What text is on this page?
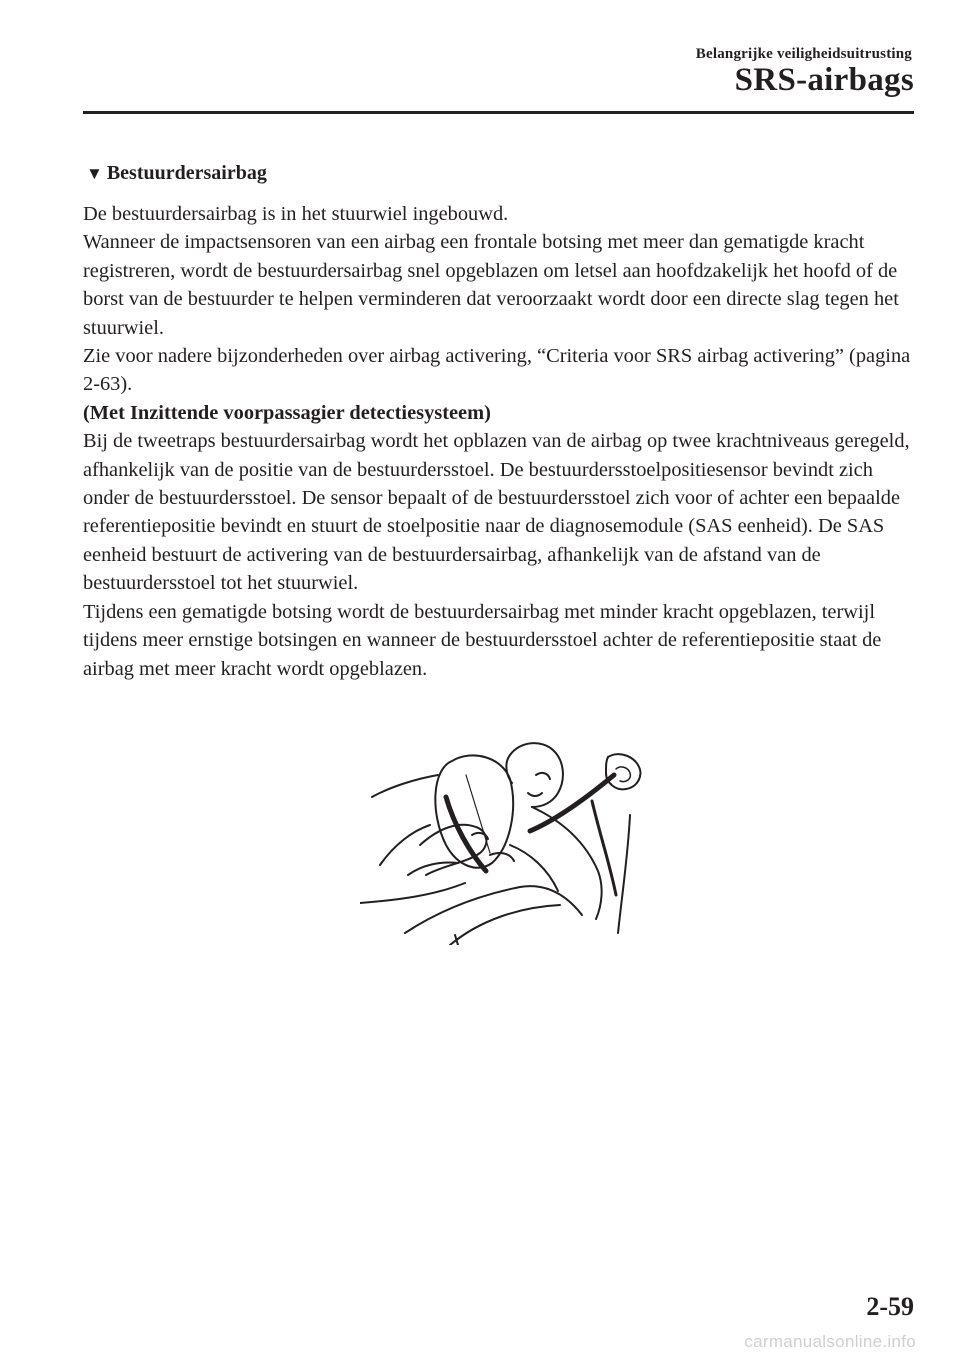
Belangrijke veiligheidsuitrusting
SRS-airbags
▼ Bestuurdersairbag

De bestuurdersairbag is in het stuurwiel ingebouwd.

Wanneer de impactsensoren van een airbag een frontale botsing met meer dan gematigde kracht registreren, wordt de bestuurdersairbag snel opgeblazen om letsel aan hoofdzakelijk het hoofd of de borst van de bestuurder te helpen verminderen dat veroorzaakt wordt door een directe slag tegen het stuurwiel.

Zie voor nadere bijzonderheden over airbag activering, “Criteria voor SRS airbag activering” (pagina 2-63).

(Met Inzittende voorpassagier detectiesysteem)

Bij de tweetraps bestuurdersairbag wordt het opblazen van de airbag op twee krachtniveaus geregeld, afhankelijk van de positie van de bestuurdersstoel. De bestuurdersstoelpositiesensor bevindt zich onder de bestuurdersstoel. De sensor bepaalt of de bestuurdersstoel zich voor of achter een bepaalde referentiepositie bevindt en stuurt de stoelpositie naar de diagnosemodule (SAS eenheid). De SAS eenheid bestuurt de activering van de bestuurdersairbag, afhankelijk van de afstand van de bestuurdersstoel tot het stuurwiel.

Tijdens een gematigde botsing wordt de bestuurdersairbag met minder kracht opgeblazen, terwijl tijdens meer ernstige botsingen en wanneer de bestuurdersstoel achter de referentiepositie staat de airbag met meer kracht wordt opgeblazen.

2-59
carmanualsonline.info
